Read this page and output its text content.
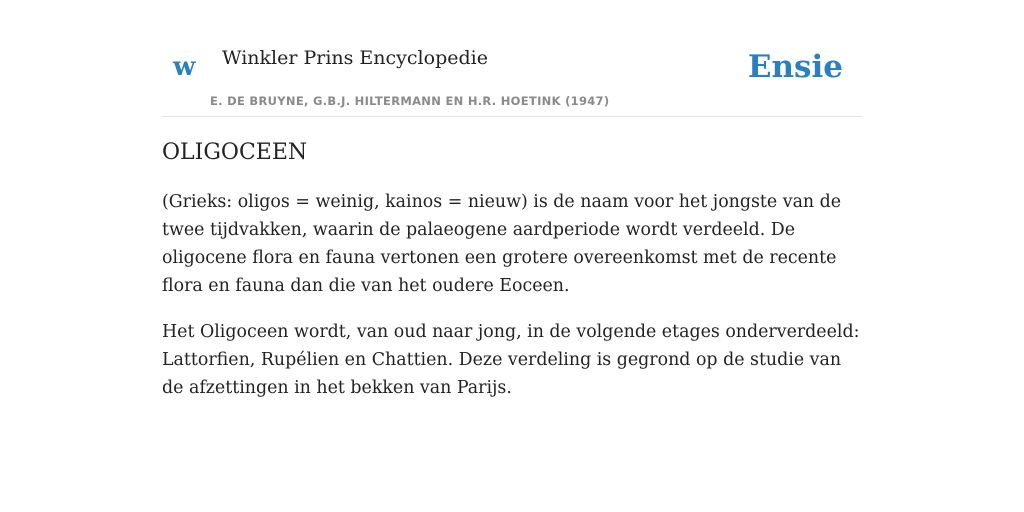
w Winkler Prins Encyclopedie
E. DE BRUYNE, G.B.J. HILTERMANN EN H.R. HOETINK (1947)
Ensie
OLIGOCEEN

(Grieks: oligos = weinig, kainos = nieuw) is de naam voor het jongste van de twee tijdvakken, waarin de palaeogene aardperiode wordt verdeeld. De oligocene flora en fauna vertonen een grotere overeenkomst met de recente flora en fauna dan die van het oudere Eoceen.

Het Oligoceen wordt, van oud naar jong, in de volgende etages onderverdeeld: Lattorfien, Rupélien en Chattien. Deze verdeling is gegrond op de studie van de afzettingen in het bekken van Parijs.
